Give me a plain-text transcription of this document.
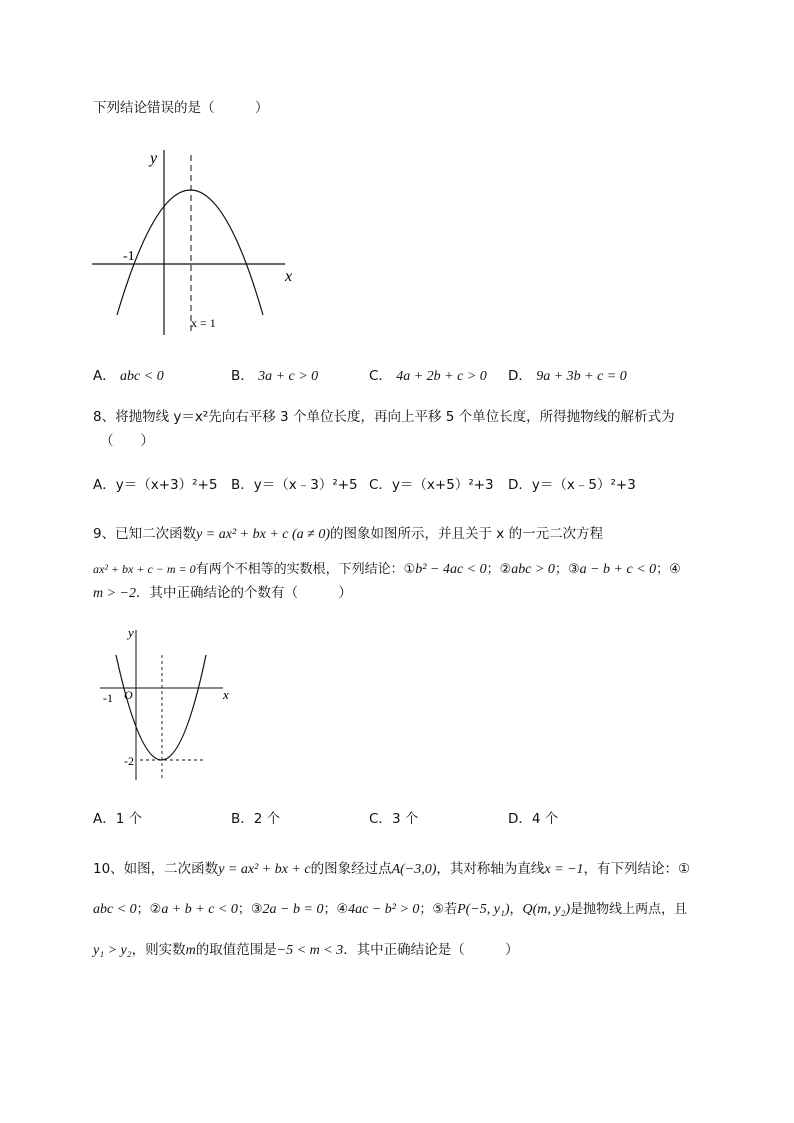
下列结论错误的是（　　　）
y
x
-1
x = 1
A． abc < 0	B． 3a + c > 0	C． 4a + 2b + c > 0 D． 9a + 3b + c = 0
8、将抛物线 y＝x²先向右平移 3 个单位长度，再向上平移 5 个单位长度，所得抛物线的解析式为
（　　）
A．y＝（x+3）²+5 B．y＝（x﹣3）²+5 C．y＝（x+5）²+3 D．y＝（x﹣5）²+3
9、已知二次函数y = ax² + bx + c (a ≠ 0)的图象如图所示，并且关于 x 的一元二次方程
ax² + bx + c − m = 0有两个不相等的实数根，下列结论：①b² − 4ac < 0；②abc > 0；③a − b + c < 0；④
m > −2．其中正确结论的个数有（　　　）
y
x
O
-1
-2
A．1 个	B．2 个	C．3 个	D．4 个
10、如图，二次函数y = ax² + bx + c的图象经过点A(−3,0)，其对称轴为直线x = −1，有下列结论：①
abc < 0；②a + b + c < 0；③2a − b = 0；④4ac − b² > 0；⑤若P(−5, y₁)，Q(m, y₂)是抛物线上两点，且
y₁ > y₂，则实数m的取值范围是−5 < m < 3．其中正确结论是（　　　）
